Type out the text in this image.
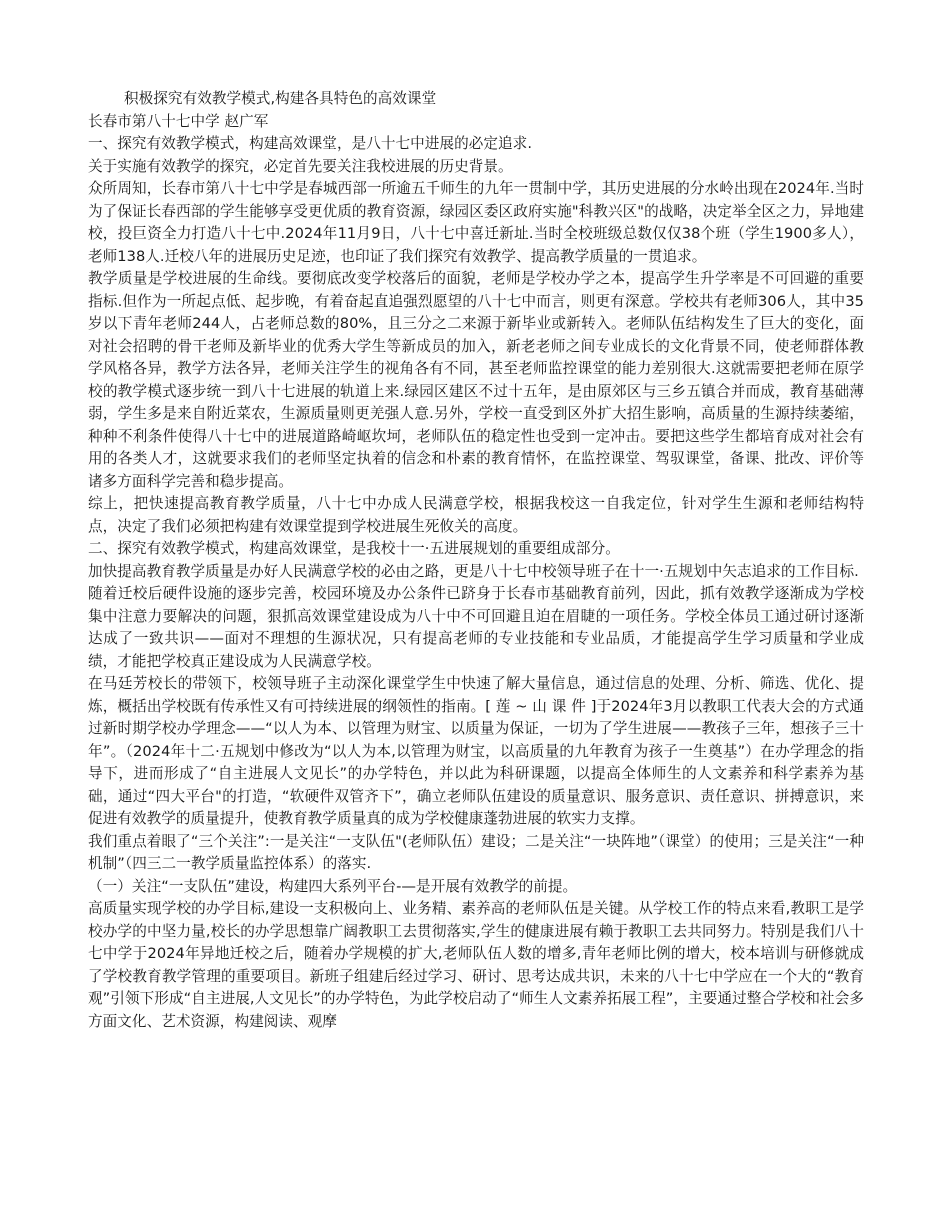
积极探究有效教学模式,构建各具特色的高效课堂

长春市第八十七中学 赵广军

一、探究有效教学模式，构建高效课堂，是八十七中进展的必定追求.

关于实施有效教学的探究，必定首先要关注我校进展的历史背景。

众所周知，长春市第八十七中学是春城西部一所逾五千师生的九年一贯制中学，其历史进展的分水岭出现在2024年.当时为了保证长春西部的学生能够享受更优质的教育资源，绿园区委区政府实施"科教兴区"的战略，决定举全区之力，异地建校，投巨资全力打造八十七中.2024年11月9日，八十七中喜迁新址.当时全校班级总数仅仅38个班（学生1900多人），老师138人.迁校八年的进展历史足迹，也印证了我们探究有效教学、提高教学质量的一贯追求。

教学质量是学校进展的生命线。要彻底改变学校落后的面貌，老师是学校办学之本，提高学生升学率是不可回避的重要指标.但作为一所起点低、起步晚，有着奋起直追强烈愿望的八十七中而言，则更有深意。学校共有老师306人，其中35岁以下青年老师244人，占老师总数的80%，且三分之二来源于新毕业或新转入。老师队伍结构发生了巨大的变化，面对社会招聘的骨干老师及新毕业的优秀大学生等新成员的加入，新老老师之间专业成长的文化背景不同，使老师群体教学风格各异，教学方法各异，老师关注学生的视角各有不同，甚至老师监控课堂的能力差别很大.这就需要把老师在原学校的教学模式逐步统一到八十七进展的轨道上来.绿园区建区不过十五年，是由原郊区与三乡五镇合并而成，教育基础薄弱，学生多是来自附近菜农，生源质量则更羌强人意.另外，学校一直受到区外扩大招生影响，高质量的生源持续萎缩，种种不利条件使得八十七中的进展道路崎岖坎坷，老师队伍的稳定性也受到一定冲击。要把这些学生都培育成对社会有用的各类人才，这就要求我们的老师坚定执着的信念和朴素的教育情怀，在监控课堂、驾驭课堂，备课、批改、评价等诸多方面科学完善和稳步提高。

综上，把快速提高教育教学质量，八十七中办成人民满意学校，根据我校这一自我定位，针对学生生源和老师结构特点，决定了我们必须把构建有效课堂提到学校进展生死攸关的高度。

二、探究有效教学模式，构建高效课堂，是我校十一·五进展规划的重要组成部分。

加快提高教育教学质量是办好人民满意学校的必由之路，更是八十七中校领导班子在十一·五规划中矢志追求的工作目标.

随着迁校后硬件设施的逐步完善，校园环境及办公条件已跻身于长春市基础教育前列，因此，抓有效教学逐渐成为学校集中注意力要解决的问题，狠抓高效课堂建设成为八十中不可回避且迫在眉睫的一项任务。学校全体员工通过研讨逐渐达成了一致共识——面对不理想的生源状况，只有提高老师的专业技能和专业品质，才能提高学生学习质量和学业成绩，才能把学校真正建设成为人民满意学校。

在马廷芳校长的带领下，校领导班子主动深化课堂学生中快速了解大量信息，通过信息的处理、分析、筛选、优化、提炼，概括出学校既有传承性又有可持续进展的纲领性的指南。[ 莲 ~ 山 课 件 ]于2024年3月以教职工代表大会的方式通过新时期学校办学理念——“以人为本、以管理为财宝、以质量为保证，一切为了学生进展——教孩子三年，想孩子三十年”。（2024年十二·五规划中修改为“以人为本,以管理为财宝，以高质量的九年教育为孩子一生奠基”）在办学理念的指导下，进而形成了“自主进展人文见长”的办学特色，并以此为科研课题，以提高全体师生的人文素养和科学素养为基础，通过“四大平台"的打造，“软硬件双管齐下”，确立老师队伍建设的质量意识、服务意识、责任意识、拼搏意识，来促进有效教学的质量提升，使教育教学质量真的成为学校健康蓬勃进展的软实力支撑。

我们重点着眼了“三个关注”:一是关注“一支队伍"(老师队伍）建设；二是关注“一块阵地”（课堂）的使用；三是关注“一种机制”（四三二一教学质量监控体系）的落实.

（一）关注“一支队伍”建设，构建四大系列平台-—是开展有效教学的前提。

高质量实现学校的办学目标,建设一支积极向上、业务精、素养高的老师队伍是关键。从学校工作的特点来看,教职工是学校办学的中坚力量,校长的办学思想靠广阔教职工去贯彻落实,学生的健康进展有赖于教职工去共同努力。特别是我们八十七中学于2024年异地迁校之后，随着办学规模的扩大,老师队伍人数的增多,青年老师比例的增大，校本培训与研修就成了学校教育教学管理的重要项目。新班子组建后经过学习、研讨、思考达成共识，未来的八十七中学应在一个大的“教育观”引领下形成“自主进展,人文见长”的办学特色，为此学校启动了“师生人文素养拓展工程”，主要通过整合学校和社会多方面文化、艺术资源，构建阅读、观摩
